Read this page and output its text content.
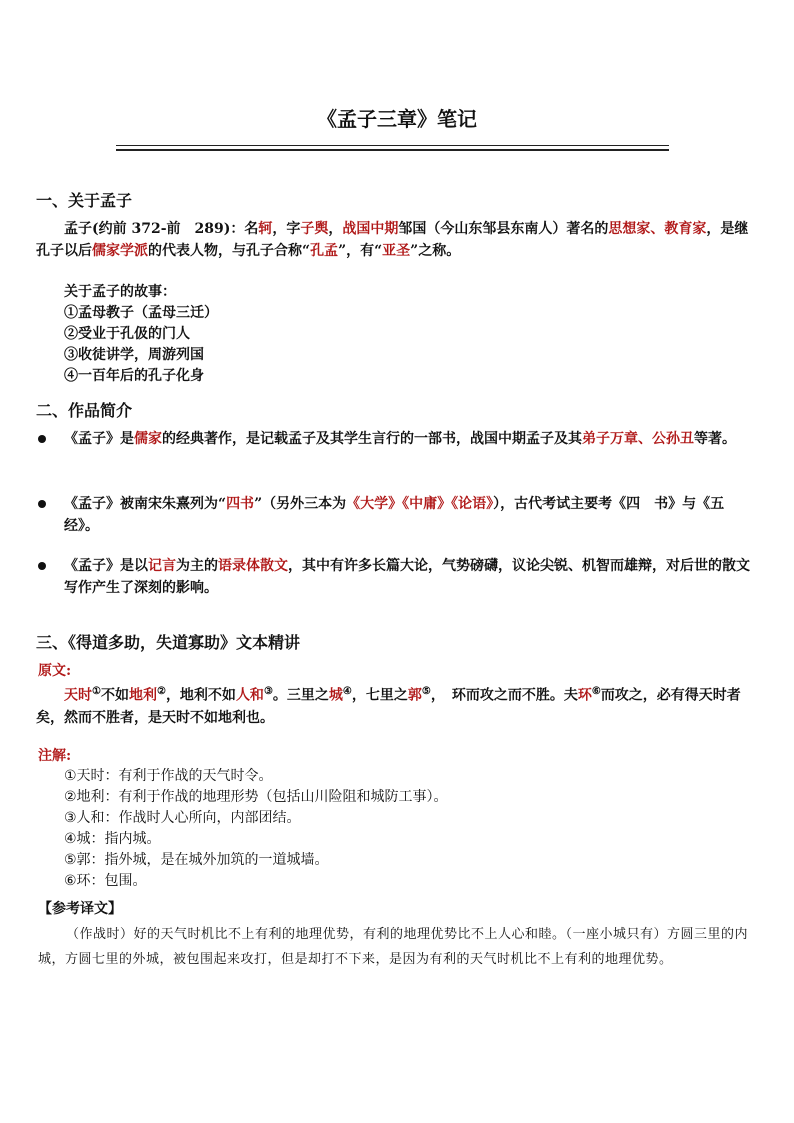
《孟子三章》笔记
一、关于孟子
孟子(约前 372-前　289)：名轲，字子舆，战国中期邹国（今山东邹县东南人）著名的思想家、教育家，是继孔子以后儒家学派的代表人物，与孔子合称“孔孟”，有“亚圣”之称。
关于孟子的故事：
①孟母教子（孟母三迁）
②受业于孔伋的门人
③收徒讲学，周游列国
④一百年后的孔子化身
二、作品简介
《孟子》是儒家的经典著作，是记载孟子及其学生言行的一部书，战国中期孟子及其弟子万章、公孙丑等著。
《孟子》被南宋朱熹列为“四书”（另外三本为《大学》《中庸》《论语》），古代考试主要考《四　书》与《五经》。
《孟子》是以记言为主的语录体散文，其中有许多长篇大论，气势磅礴，议论尖锐、机智而雄辩，对后世的散文写作产生了深刻的影响。
三、《得道多助，失道寡助》文本精讲
原文:
天时①不如地利②，地利不如人和③。三里之城④，七里之郭⑤，　环而攻之而不胜。夫环⑥而攻之，必有得天时者矣，然而不胜者，是天时不如地利也。
注解:
①天时：有利于作战的天气时令。
②地利：有利于作战的地理形势（包括山川险阻和城防工事）。
③人和：作战时人心所向，内部团结。
④城：指内城。
⑤郭：指外城，是在城外加筑的一道城墙。
⑥环：包围。
【参考译文】
（作战时）好的天气时机比不上有利的地理优势，有利的地理优势比不上人心和睦。（一座小城只有）方圆三里的内城，方圆七里的外城，被包围起来攻打，但是却打不下来，是因为有利的天气时机比不上有利的地理优势。
